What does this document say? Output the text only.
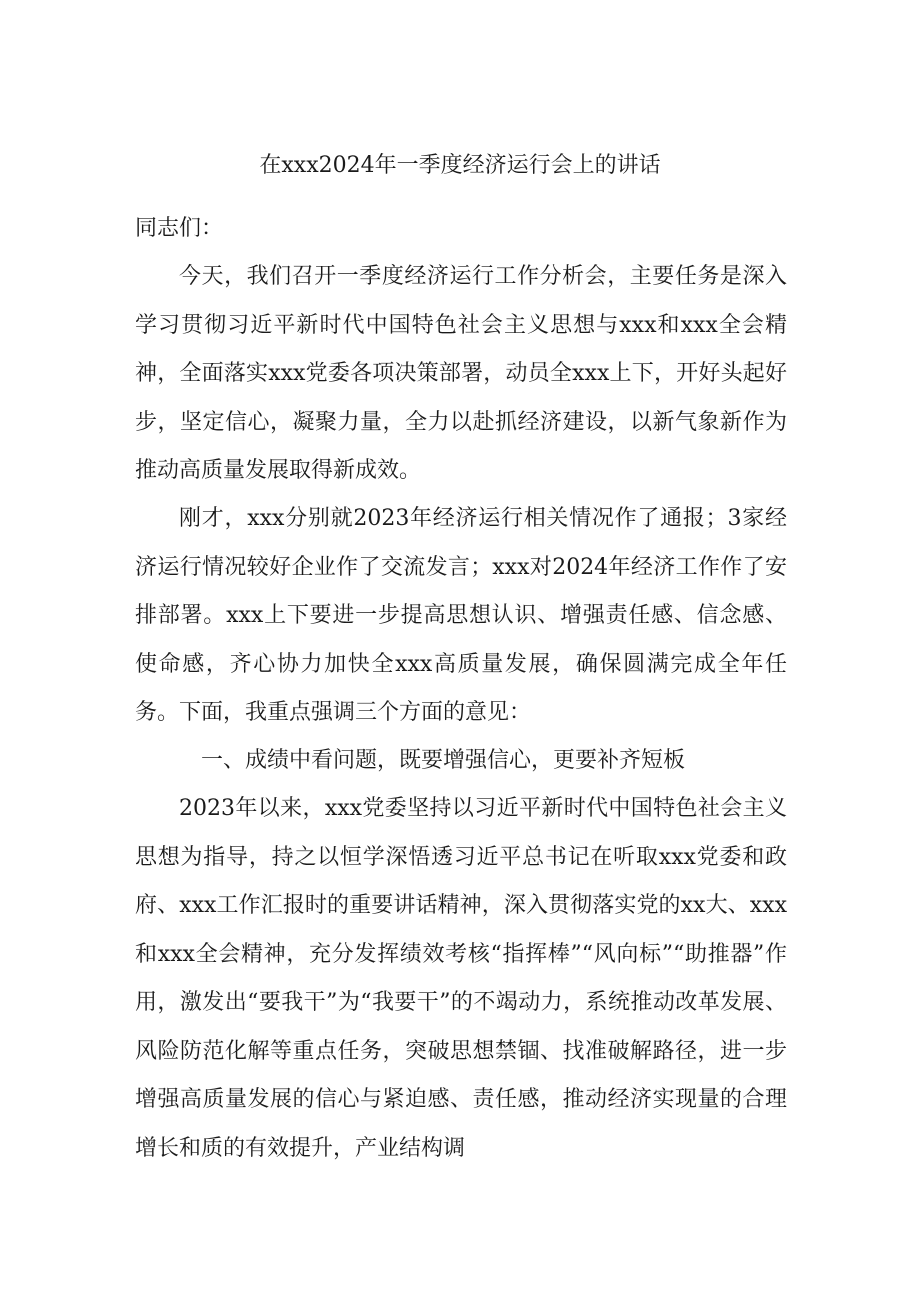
在xxx2024年一季度经济运行会上的讲话
同志们：

今天，我们召开一季度经济运行工作分析会，主要任务是深入学习贯彻习近平新时代中国特色社会主义思想与xxx和xxx全会精神，全面落实xxx党委各项决策部署，动员全xxx上下，开好头起好步，坚定信心，凝聚力量，全力以赴抓经济建设，以新气象新作为推动高质量发展取得新成效。

刚才，xxx分别就2023年经济运行相关情况作了通报；3家经济运行情况较好企业作了交流发言；xxx对2024年经济工作作了安排部署。xxx上下要进一步提高思想认识、增强责任感、信念感、使命感，齐心协力加快全xxx高质量发展，确保圆满完成全年任务。下面，我重点强调三个方面的意见：

一、成绩中看问题，既要增强信心，更要补齐短板

2023年以来，xxx党委坚持以习近平新时代中国特色社会主义思想为指导，持之以恒学深悟透习近平总书记在听取xxx党委和政府、xxx工作汇报时的重要讲话精神，深入贯彻落实党的xx大、xxx和xxx全会精神，充分发挥绩效考核“指挥棒”“风向标”“助推器”作用，激发出“要我干”为“我要干”的不竭动力，系统推动改革发展、风险防范化解等重点任务，突破思想禁锢、找准破解路径，进一步增强高质量发展的信心与紧迫感、责任感，推动经济实现量的合理增长和质的有效提升，产业结构调
